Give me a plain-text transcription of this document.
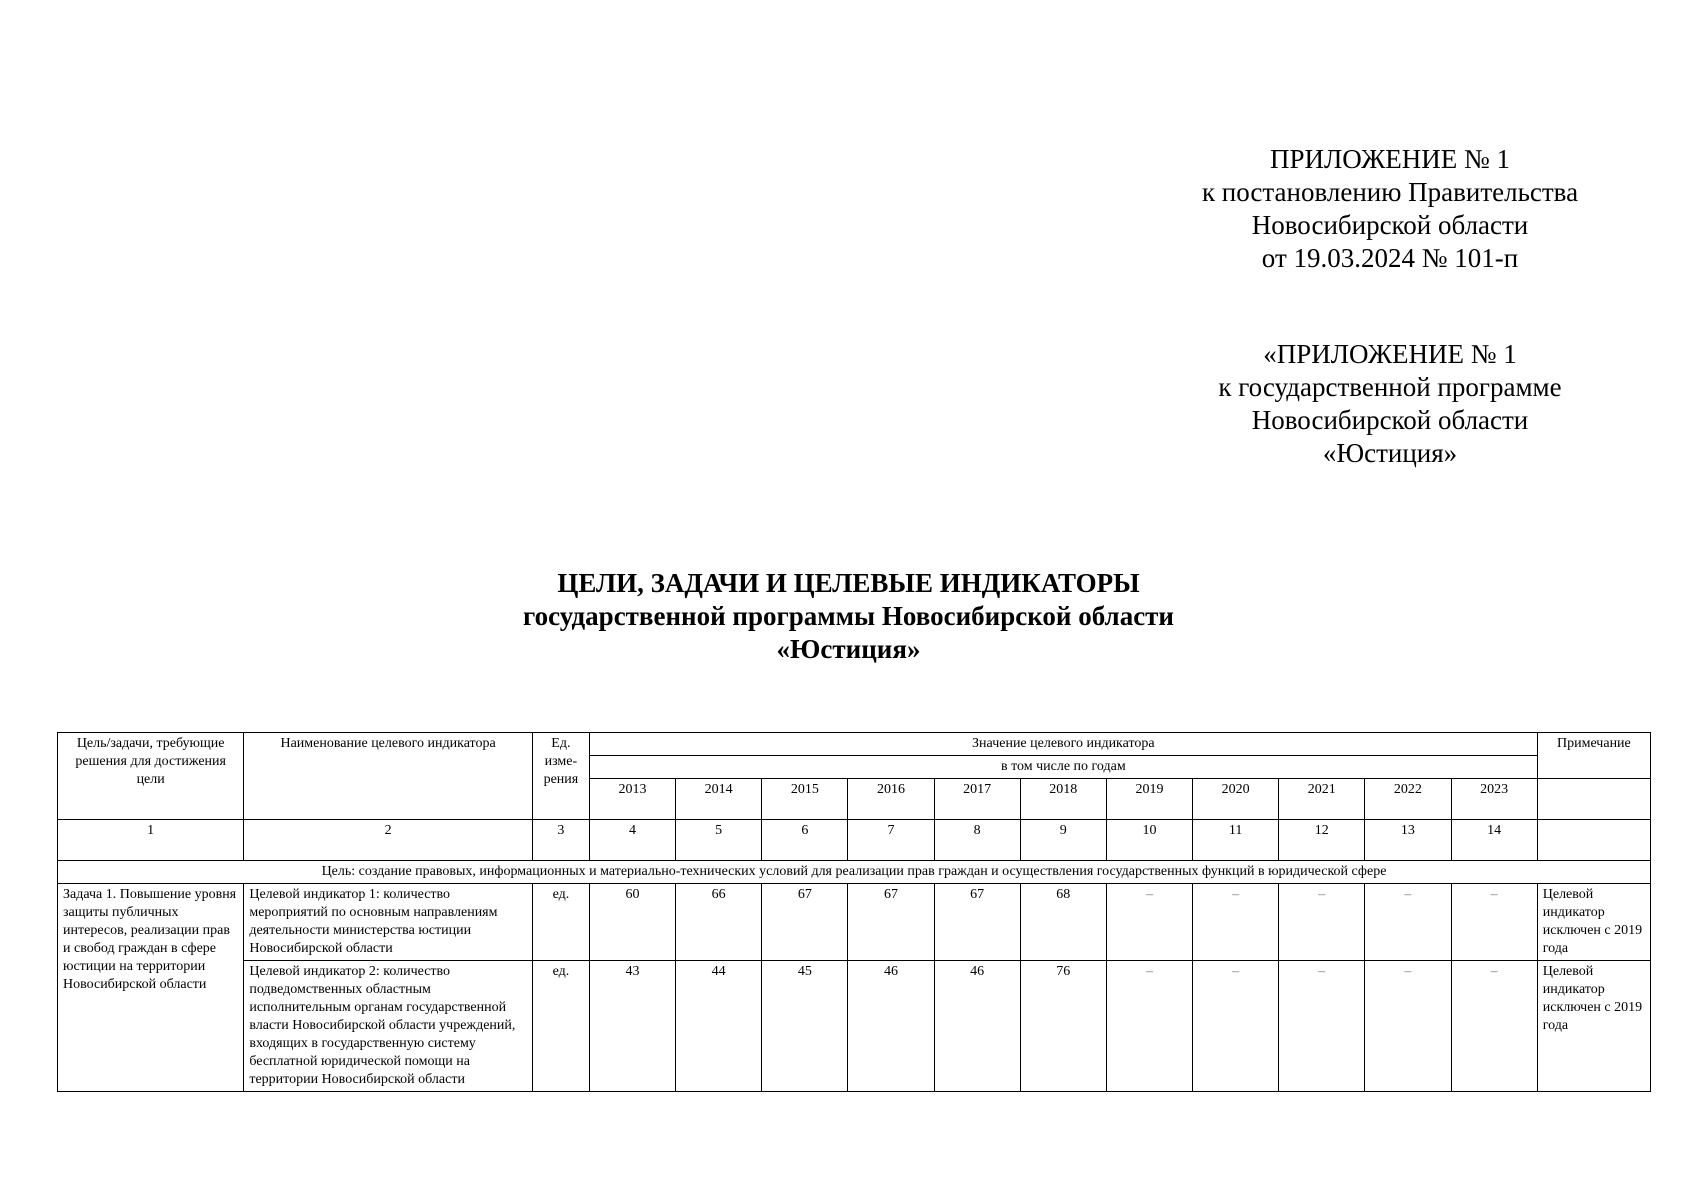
ПРИЛОЖЕНИЕ № 1
к постановлению Правительства
Новосибирской области
от 19.03.2024 № 101-п
«ПРИЛОЖЕНИЕ № 1
к государственной программе
Новосибирской области
«Юстиция»
ЦЕЛИ, ЗАДАЧИ И ЦЕЛЕВЫЕ ИНДИКАТОРЫ
государственной программы Новосибирской области
«Юстиция»
Цель/задачи, требующие решения для достижения цели	Наименование целевого индикатора	Ед. изме-рения	Значение целевого индикатора											Примечание
			в том числе по годам											
			2013	2014	2015	2016	2017	2018	2019	2020	2021	2022	2023	
1	2	3	4	5	6	7	8	9	10	11	12	13	14	
Цель: создание правовых, информационных и материально-технических условий для реализации прав граждан и осуществления государственных функций в юридической сфере														
Задача 1. Повышение уровня защиты публичных интересов, реализации прав и свобод граждан в сфере юстиции на территории Новосибирской области	Целевой индикатор 1: количество мероприятий по основным направлениям деятельности министерства юстиции Новосибирской области	ед.	60	66	67	67	67	68	–	–	–	–	–	Целевой индикатор исключен с 2019 года
	Целевой индикатор 2: количество подведомственных областным исполнительным органам государственной власти Новосибирской области учреждений, входящих в государственную систему бесплатной юридической помощи на территории Новосибирской области	ед.	43	44	45	46	46	76	–	–	–	–	–	Целевой индикатор исключен с 2019 года
